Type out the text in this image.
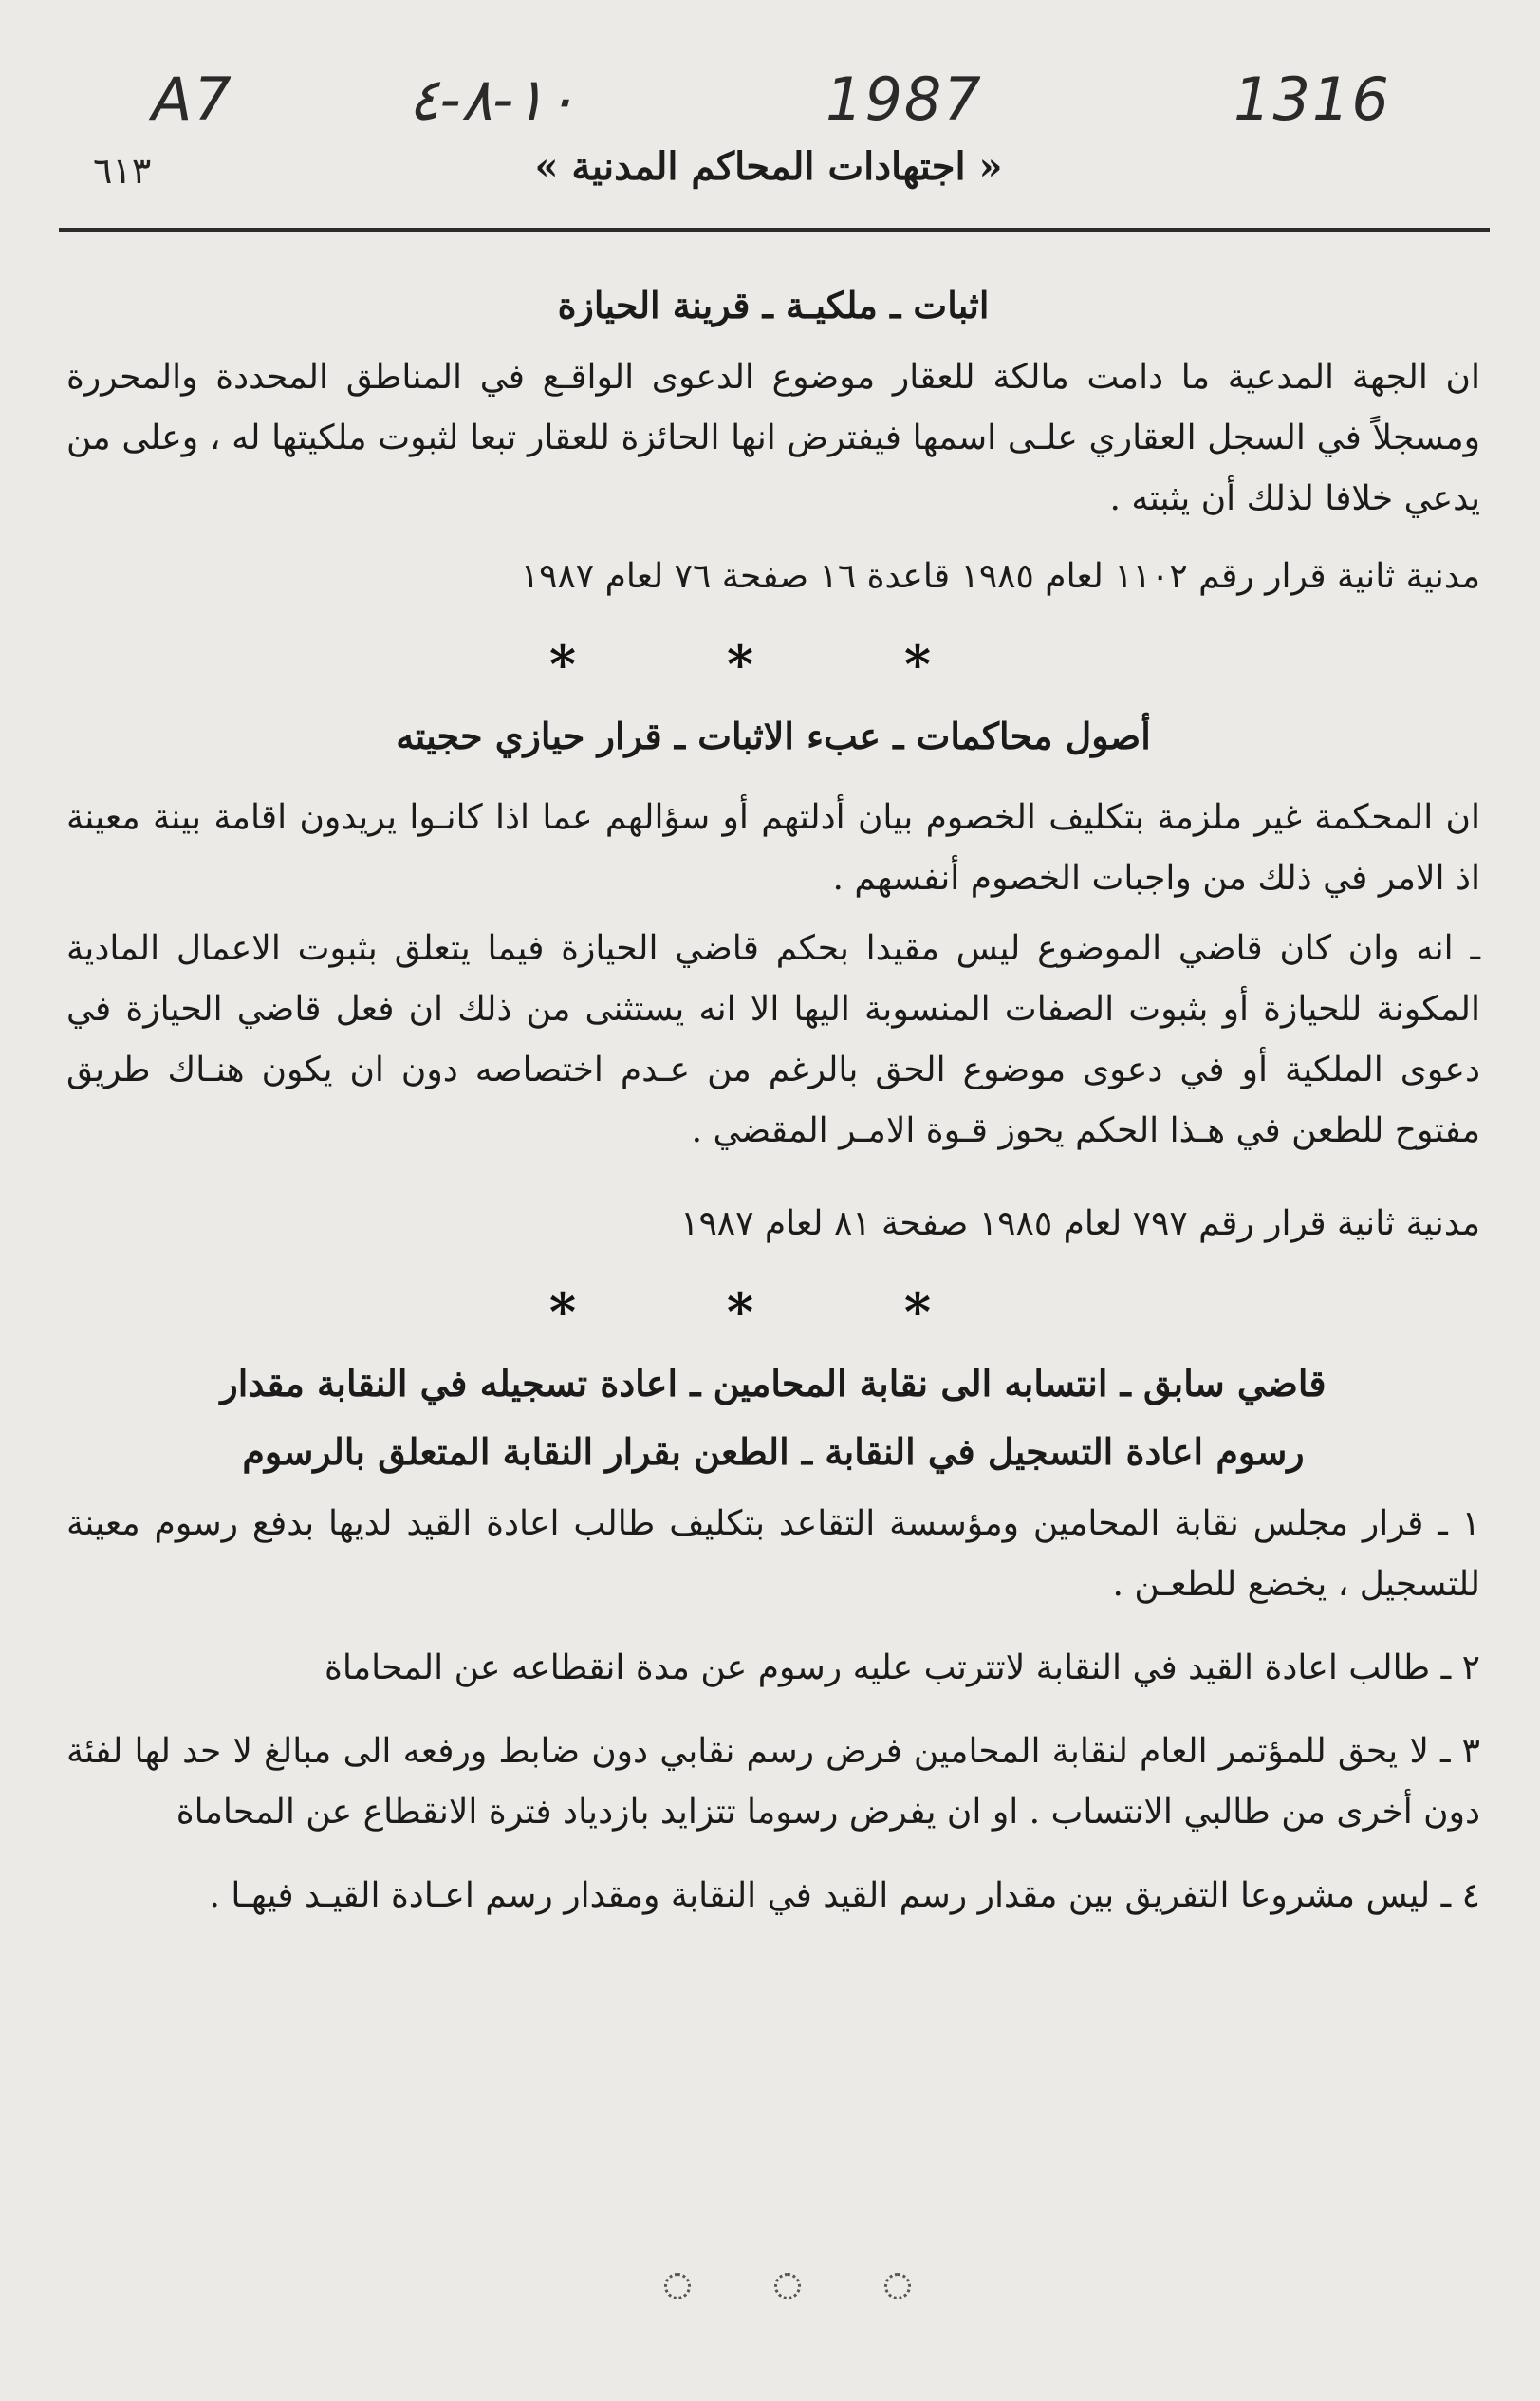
A7	١٠-٨-٤	1987	1316
٦١٣	« اجتهادات المحاكم المدنية »
اثبات ـ ملكيـة ـ قرينة الحيازة

ان الجهة المدعية ما دامت مالكة للعقار موضوع الدعوى الواقـع في المناطق المحددة والمحررة ومسجلاً في السجل العقاري علـى اسمها فيفترض انها الحائزة للعقار تبعا لثبوت ملكيتها له ، وعلى من يدعي خلافا لذلك أن يثبته .

مدنية ثانية قرار رقم ١١٠٢ لعام ١٩٨٥ قاعدة ١٦ صفحة ٧٦ لعام ١٩٨٧

* * *
أصول محاكمات ـ عبء الاثبات ـ قرار حيازي حجيته

ان المحكمة غير ملزمة بتكليف الخصوم بيان أدلتهم أو سؤالهم عما اذا كانـوا يريدون اقامة بينة معينة اذ الامر في ذلك من واجبات الخصوم أنفسهم .

ـ انه وان كان قاضي الموضوع ليس مقيدا بحكم قاضي الحيازة فيما يتعلق بثبوت الاعمال المادية المكونة للحيازة أو بثبوت الصفات المنسوبة اليها الا انه يستثنى من ذلك ان فعل قاضي الحيازة في دعوى الملكية أو في دعوى موضوع الحق بالرغم من عـدم اختصاصه دون ان يكون هنـاك طريق مفتوح للطعن في هـذا الحكم يحوز قـوة الامـر المقضي .

مدنية ثانية قرار رقم ٧٩٧ لعام ١٩٨٥ صفحة ٨١ لعام ١٩٨٧

* * *
قاضي سابق ـ انتسابه الى نقابة المحامين ـ اعادة تسجيله في النقابة مقدار
رسوم اعادة التسجيل في النقابة ـ الطعن بقرار النقابة المتعلق بالرسوم

١ ـ قرار مجلس نقابة المحامين ومؤسسة التقاعد بتكليف طالب اعادة القيد لديها بدفع رسوم معينة للتسجيل ، يخضع للطعـن .

٢ ـ طالب اعادة القيد في النقابة لاتترتب عليه رسوم عن مدة انقطاعه عن المحاماة

٣ ـ لا يحق للمؤتمر العام لنقابة المحامين فرض رسم نقابي دون ضابط ورفعه الى مبالغ لا حد لها لفئة دون أخرى من طالبي الانتساب . او ان يفرض رسوما تتزايد بازدياد فترة الانقطاع عن المحاماة

٤ ـ ليس مشروعا التفريق بين مقدار رسم القيد في النقابة ومقدار رسم اعـادة القيـد فيهـا .
